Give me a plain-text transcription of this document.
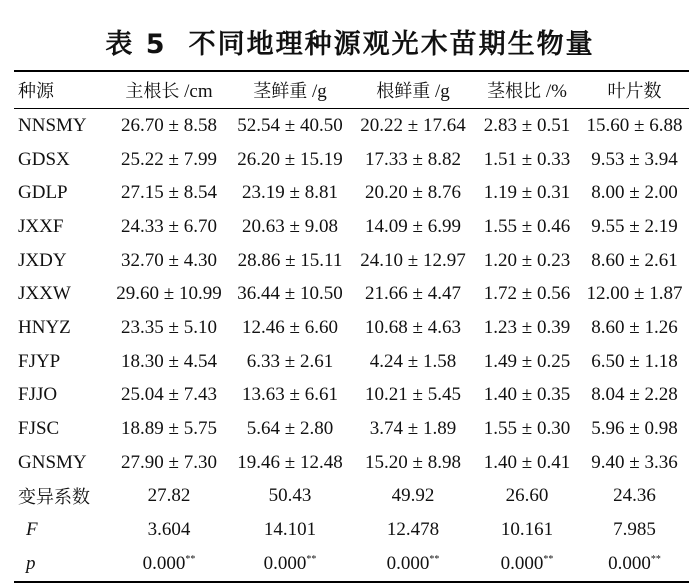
表 5 不同地理种源观光木苗期生物量
种源	主根长 /cm	茎鲜重 /g	根鲜重 /g	茎根比 /%	叶片数
NNSMY	26.70 ± 8.58	52.54 ± 40.50	20.22 ± 17.64	2.83 ± 0.51	15.60 ± 6.88
GDSX	25.22 ± 7.99	26.20 ± 15.19	17.33 ± 8.82	1.51 ± 0.33	9.53 ± 3.94
GDLP	27.15 ± 8.54	23.19 ± 8.81	20.20 ± 8.76	1.19 ± 0.31	8.00 ± 2.00
JXXF	24.33 ± 6.70	20.63 ± 9.08	14.09 ± 6.99	1.55 ± 0.46	9.55 ± 2.19
JXDY	32.70 ± 4.30	28.86 ± 15.11	24.10 ± 12.97	1.20 ± 0.23	8.60 ± 2.61
JXXW	29.60 ± 10.99	36.44 ± 10.50	21.66 ± 4.47	1.72 ± 0.56	12.00 ± 1.87
HNYZ	23.35 ± 5.10	12.46 ± 6.60	10.68 ± 4.63	1.23 ± 0.39	8.60 ± 1.26
FJYP	18.30 ± 4.54	6.33 ± 2.61	4.24 ± 1.58	1.49 ± 0.25	6.50 ± 1.18
FJJO	25.04 ± 7.43	13.63 ± 6.61	10.21 ± 5.45	1.40 ± 0.35	8.04 ± 2.28
FJSC	18.89 ± 5.75	5.64 ± 2.80	3.74 ± 1.89	1.55 ± 0.30	5.96 ± 0.98
GNSMY	27.90 ± 7.30	19.46 ± 12.48	15.20 ± 8.98	1.40 ± 0.41	9.40 ± 3.36
变异系数	27.82	50.43	49.92	26.60	24.36
F	3.604	14.101	12.478	10.161	7.985
p	0.000**	0.000**	0.000**	0.000**	0.000**
